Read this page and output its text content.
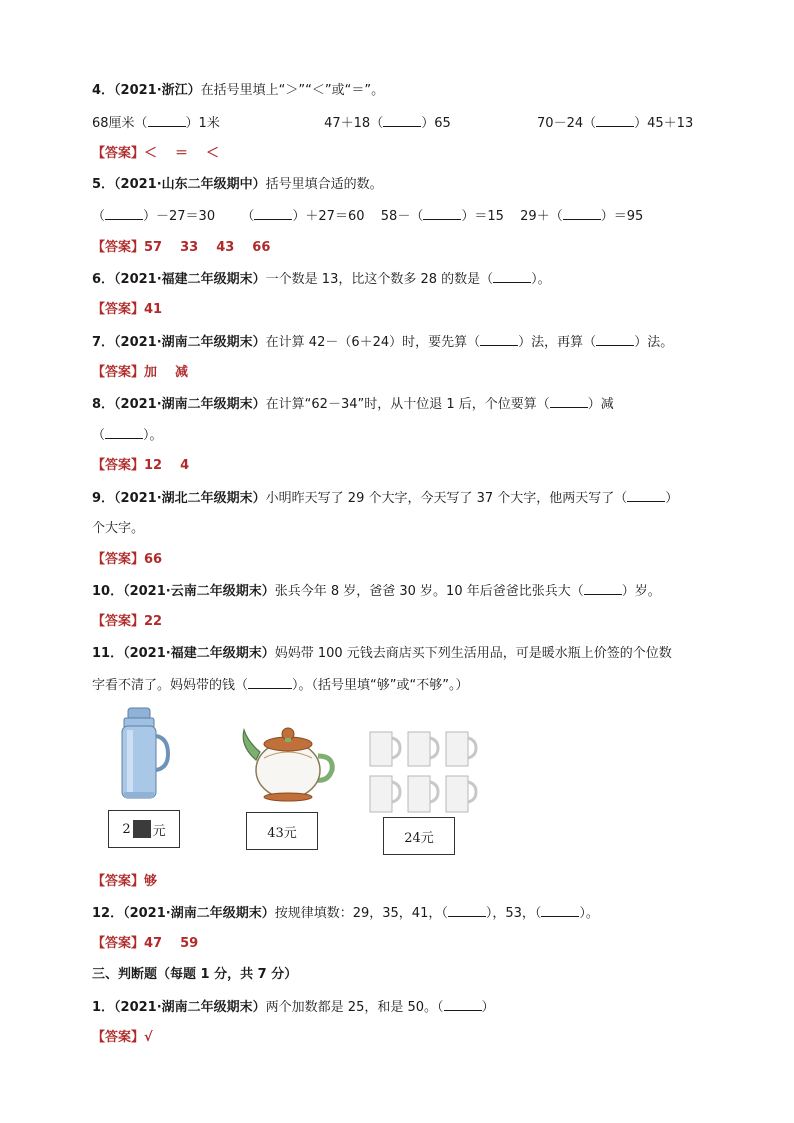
4．（2021·浙江）在括号里填上“＞”“＜”或“＝”。
68厘米（	）1米	47＋18（	）65	70－24（	）45＋13
【答案】＜ ＝ ＜
5．（2021·山东二年级期中）括号里填合适的数。
（	）－27＝30 （	）＋27＝60 58－（	）＝15 29＋（	）＝95
【答案】57 33 43 66
6．（2021·福建二年级期末）一个数是 13，比这个数多 28 的数是（	）。
【答案】41
7．（2021·湖南二年级期末）在计算 42－（6＋24）时，要先算（	）法，再算（	）法。
【答案】加 减
8．（2021·湖南二年级期末）在计算“62－34”时，从十位退 1 后，个位要算（	）减
（	）。
【答案】12 4
9．（2021·湖北二年级期末）小明昨天写了 29 个大字，今天写了 37 个大字，他两天写了（	）
个大字。
【答案】66
10．（2021·云南二年级期末）张兵今年 8 岁，爸爸 30 岁。10 年后爸爸比张兵大（	）岁。
【答案】22
11．（2021·福建二年级期末）妈妈带 100 元钱去商店买下列生活用品，可是暖水瓶上价签的个位数
字看不清了。妈妈带的钱（	）。（括号里填“够”或“不够”。）
2 元	43元	24元
【答案】够
12．（2021·湖南二年级期末）按规律填数：29，35，41，（	），53，（	）。
【答案】47 59
三、判断题（每题 1 分，共 7 分）
1．（2021·湖南二年级期末）两个加数都是 25，和是 50。（	）
【答案】√
